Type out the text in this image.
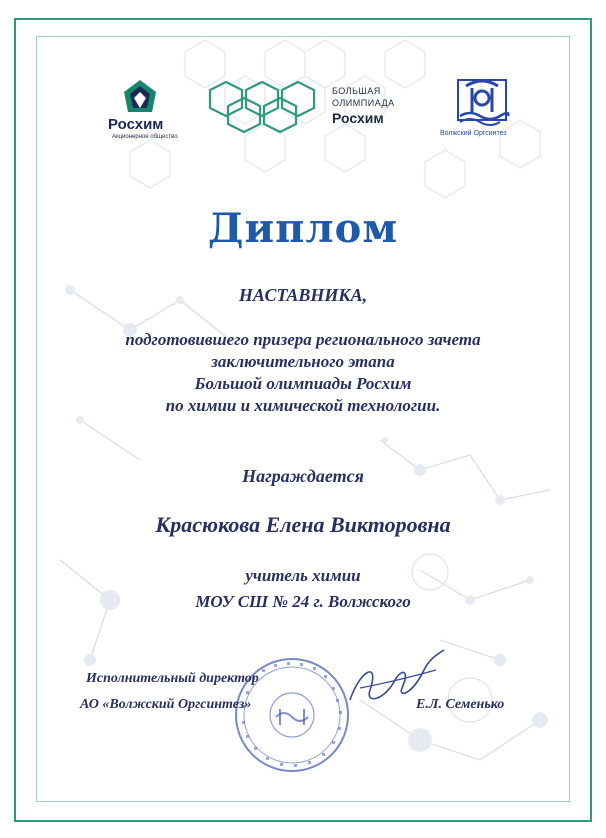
Росхим
Акционерное общество
БОЛЬШАЯ
ОЛИМПИАДА
Росхим
Волжский Оргсинтез
Диплом
НАСТАВНИКА,
подготовившего призера регионального зачета
заключительного этапа
Большой олимпиады Росхим
по химии и химической технологии.
Награждается
Красюкова Елена Викторовна
учитель химии
МОУ СШ № 24 г. Волжского
Исполнительный директор
АО «Волжский Оргсинтез»	Е.Л. Семенько
